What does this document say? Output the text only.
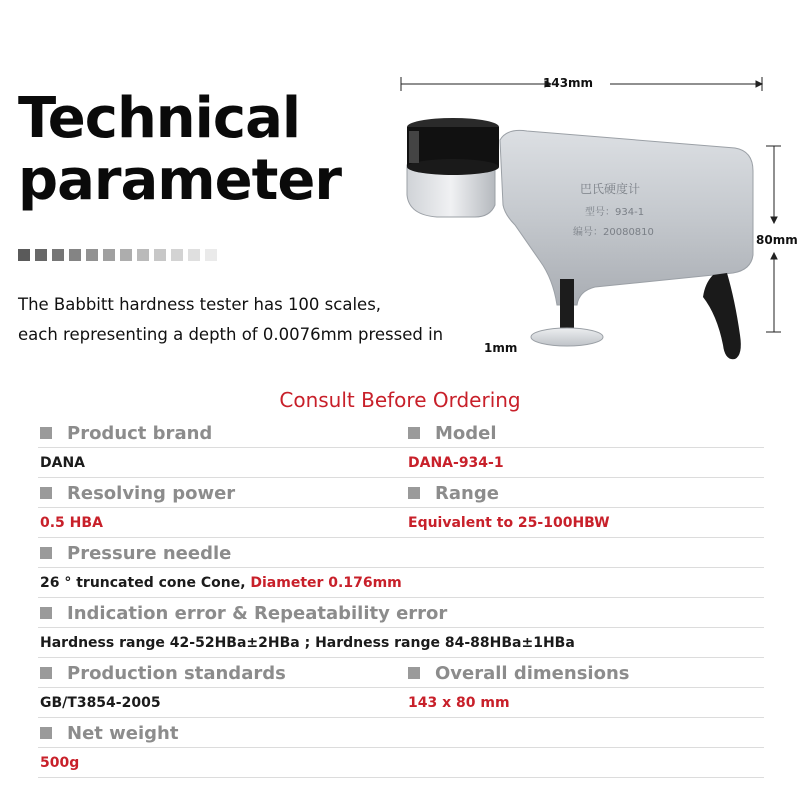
Technical
parameter
The Babbitt hardness tester has 100 scales,
each representing a depth of 0.0076mm pressed in
巴氏硬度计
型号：934-1
编号：20080810
143mm
80mm
1mm
Consult Before Ordering
Product brand	Model
DANA	DANA-934-1
Resolving power	Range
0.5 HBA	Equivalent to 25-100HBW
Pressure needle
26 ° truncated cone Cone, Diameter 0.176mm
Indication error & Repeatability error
Hardness range 42-52HBa±2HBa ; Hardness range 84-88HBa±1HBa
Production standards	Overall dimensions
GB/T3854-2005	143 x 80 mm
Net weight
500g
